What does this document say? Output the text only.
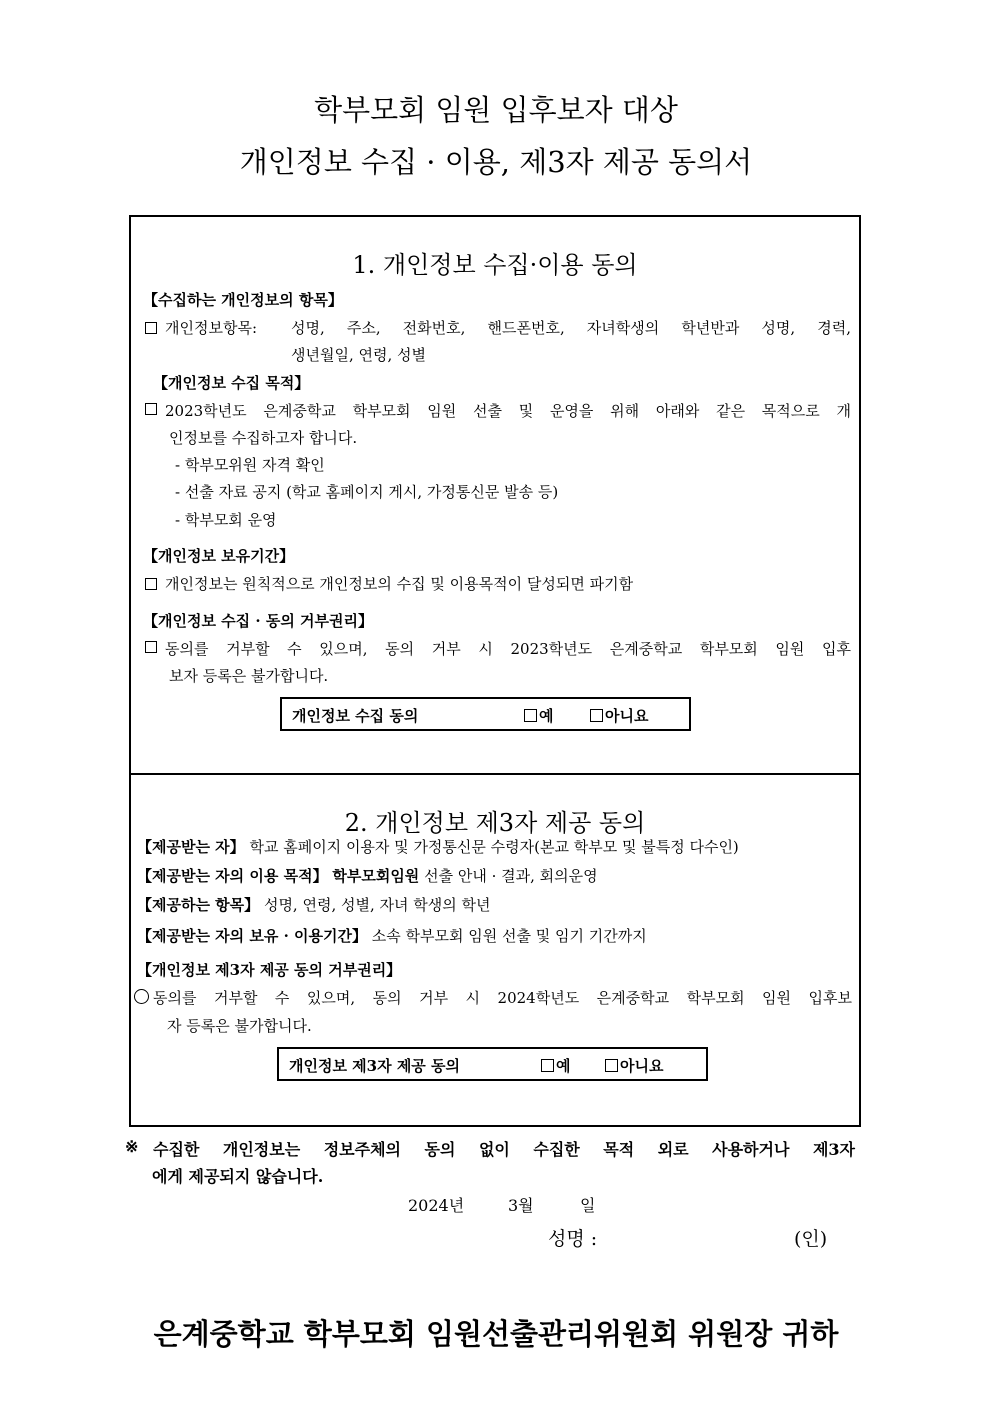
학부모회 임원 입후보자 대상
개인정보 수집 · 이용, 제3자 제공 동의서
1. 개인정보 수집·이용 동의
【수집하는 개인정보의 항목】
개인정보항목: 성명, 주소, 전화번호, 핸드폰번호, 자녀학생의 학년반과 성명, 경력,
생년월일, 연령, 성별
【개인정보 수집 목적】
2023학년도 은계중학교 학부모회 임원 선출 및 운영을 위해 아래와 같은 목적으로 개
인정보를 수집하고자 합니다.
- 학부모위원 자격 확인
- 선출 자료 공지 (학교 홈페이지 게시, 가정통신문 발송 등)
- 학부모회 운영
【개인정보 보유기간】
개인정보는 원칙적으로 개인정보의 수집 및 이용목적이 달성되면 파기함
【개인정보 수집 · 동의 거부권리】
동의를 거부할 수 있으며, 동의 거부 시 2023학년도 은계중학교 학부모회 임원 입후
보자 등록은 불가합니다.
개인정보 수집 동의	예	아니요
2. 개인정보 제3자 제공 동의
【제공받는 자】 학교 홈페이지 이용자 및 가정통신문 수령자(본교 학부모 및 불특정 다수인)
【제공받는 자의 이용 목적】 학부모회임원 선출 안내 · 결과, 회의운영
【제공하는 항목】 성명, 연령, 성별, 자녀 학생의 학년
【제공받는 자의 보유 · 이용기간】 소속 학부모회 임원 선출 및 임기 기간까지
【개인정보 제3자 제공 동의 거부권리】
동의를 거부할 수 있으며, 동의 거부 시 2024학년도 은계중학교 학부모회 임원 입후보
자 등록은 불가합니다.
개인정보 제3자 제공 동의	예	아니요
※ 수집한 개인정보는 정보주체의 동의 없이 수집한 목적 외로 사용하거나 제3자
에게 제공되지 않습니다.
2024년	3월	일
성명 :	(인)
은계중학교 학부모회 임원선출관리위원회 위원장 귀하
